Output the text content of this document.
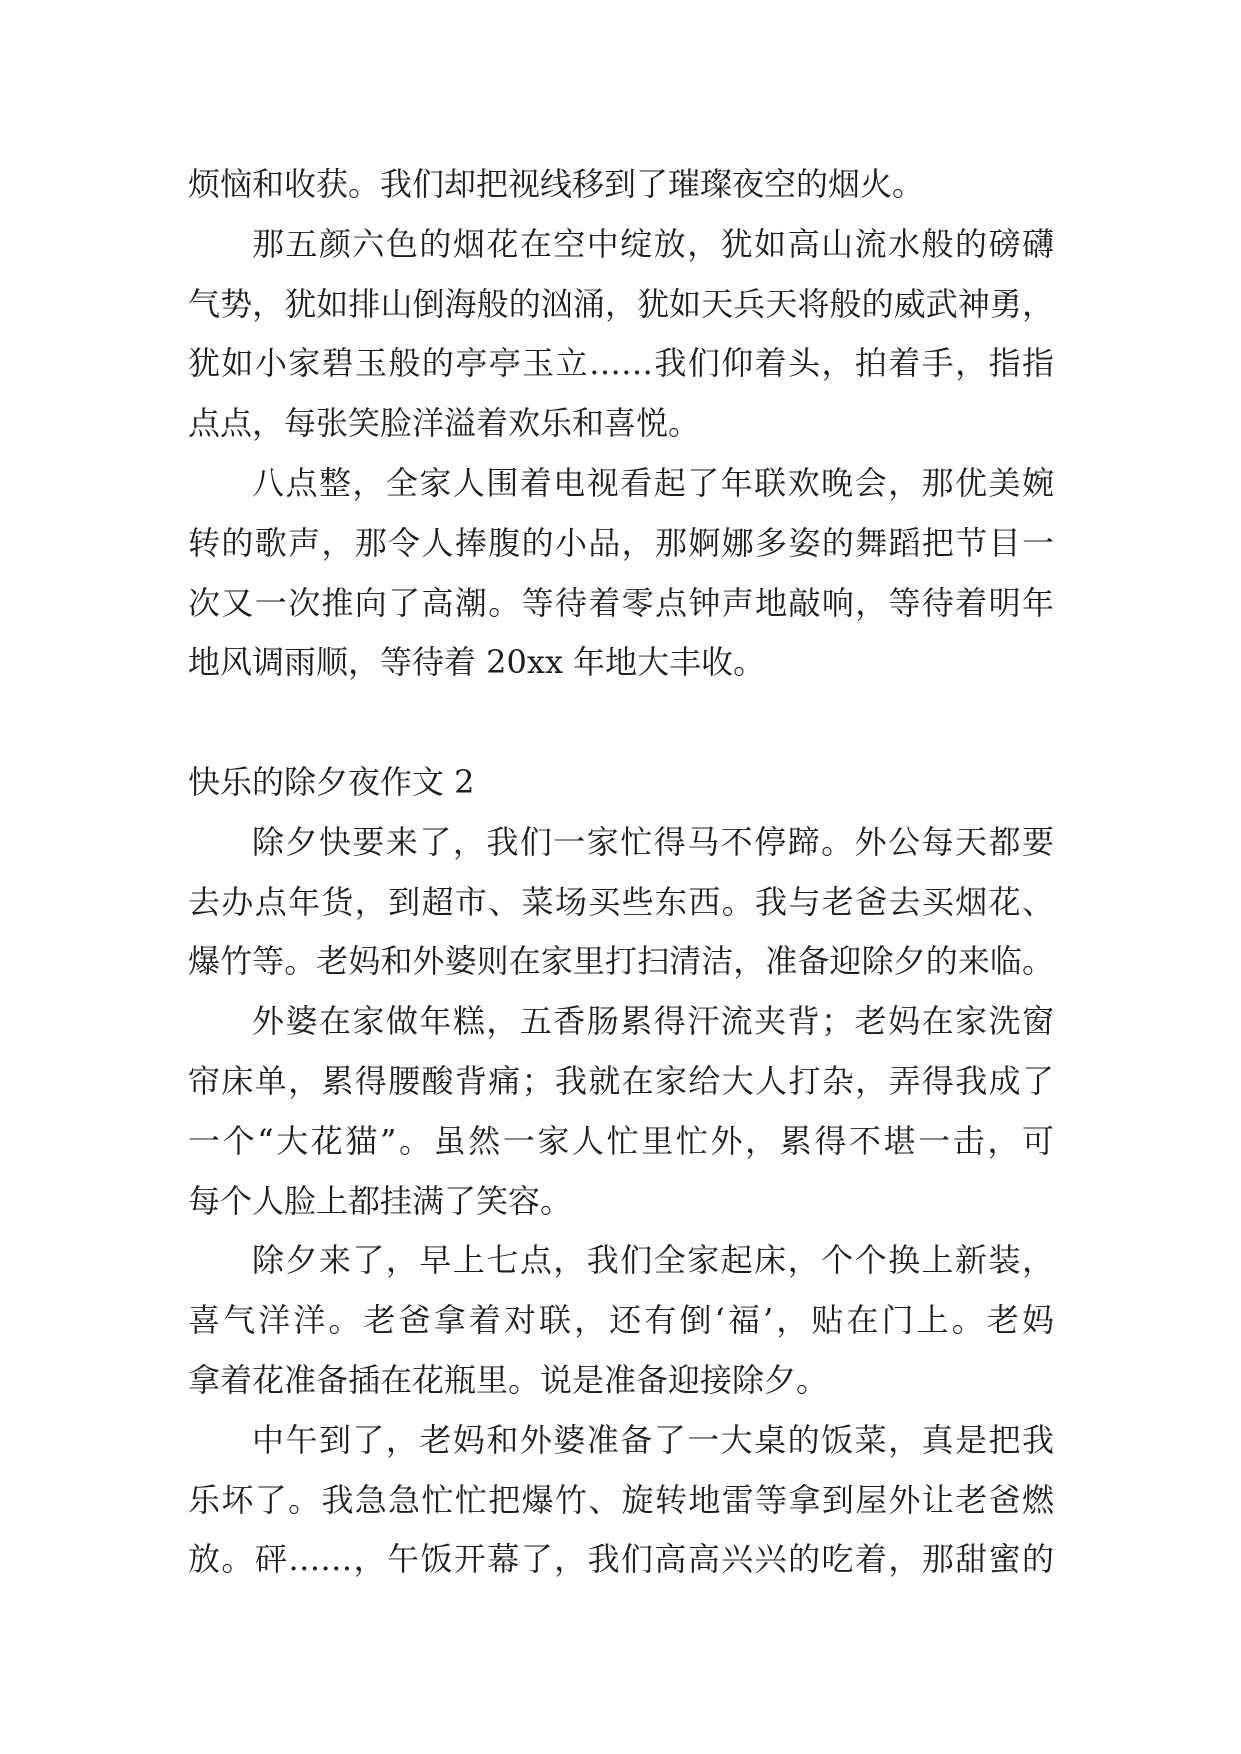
烦恼和收获。我们却把视线移到了璀璨夜空的烟火。
那五颜六色的烟花在空中绽放，犹如高山流水般的磅礴
气势，犹如排山倒海般的汹涌，犹如天兵天将般的威武神勇，
犹如小家碧玉般的亭亭玉立……我们仰着头，拍着手，指指
点点，每张笑脸洋溢着欢乐和喜悦。
八点整，全家人围着电视看起了年联欢晚会，那优美婉
转的歌声，那令人捧腹的小品，那婀娜多姿的舞蹈把节目一
次又一次推向了高潮。等待着零点钟声地敲响，等待着明年
地风调雨顺，等待着 20xx 年地大丰收。
快乐的除夕夜作文 2
除夕快要来了，我们一家忙得马不停蹄。外公每天都要
去办点年货，到超市、菜场买些东西。我与老爸去买烟花、
爆竹等。老妈和外婆则在家里打扫清洁，准备迎除夕的来临。
外婆在家做年糕，五香肠累得汗流夹背；老妈在家洗窗
帘床单，累得腰酸背痛；我就在家给大人打杂，弄得我成了
一个“大花猫”。虽然一家人忙里忙外，累得不堪一击，可
每个人脸上都挂满了笑容。
除夕来了，早上七点，我们全家起床，个个换上新装，
喜气洋洋。老爸拿着对联，还有倒‘福’，贴在门上。老妈
拿着花准备插在花瓶里。说是准备迎接除夕。
中午到了，老妈和外婆准备了一大桌的饭菜，真是把我
乐坏了。我急急忙忙把爆竹、旋转地雷等拿到屋外让老爸燃
放。砰……，午饭开幕了，我们高高兴兴的吃着，那甜蜜的
